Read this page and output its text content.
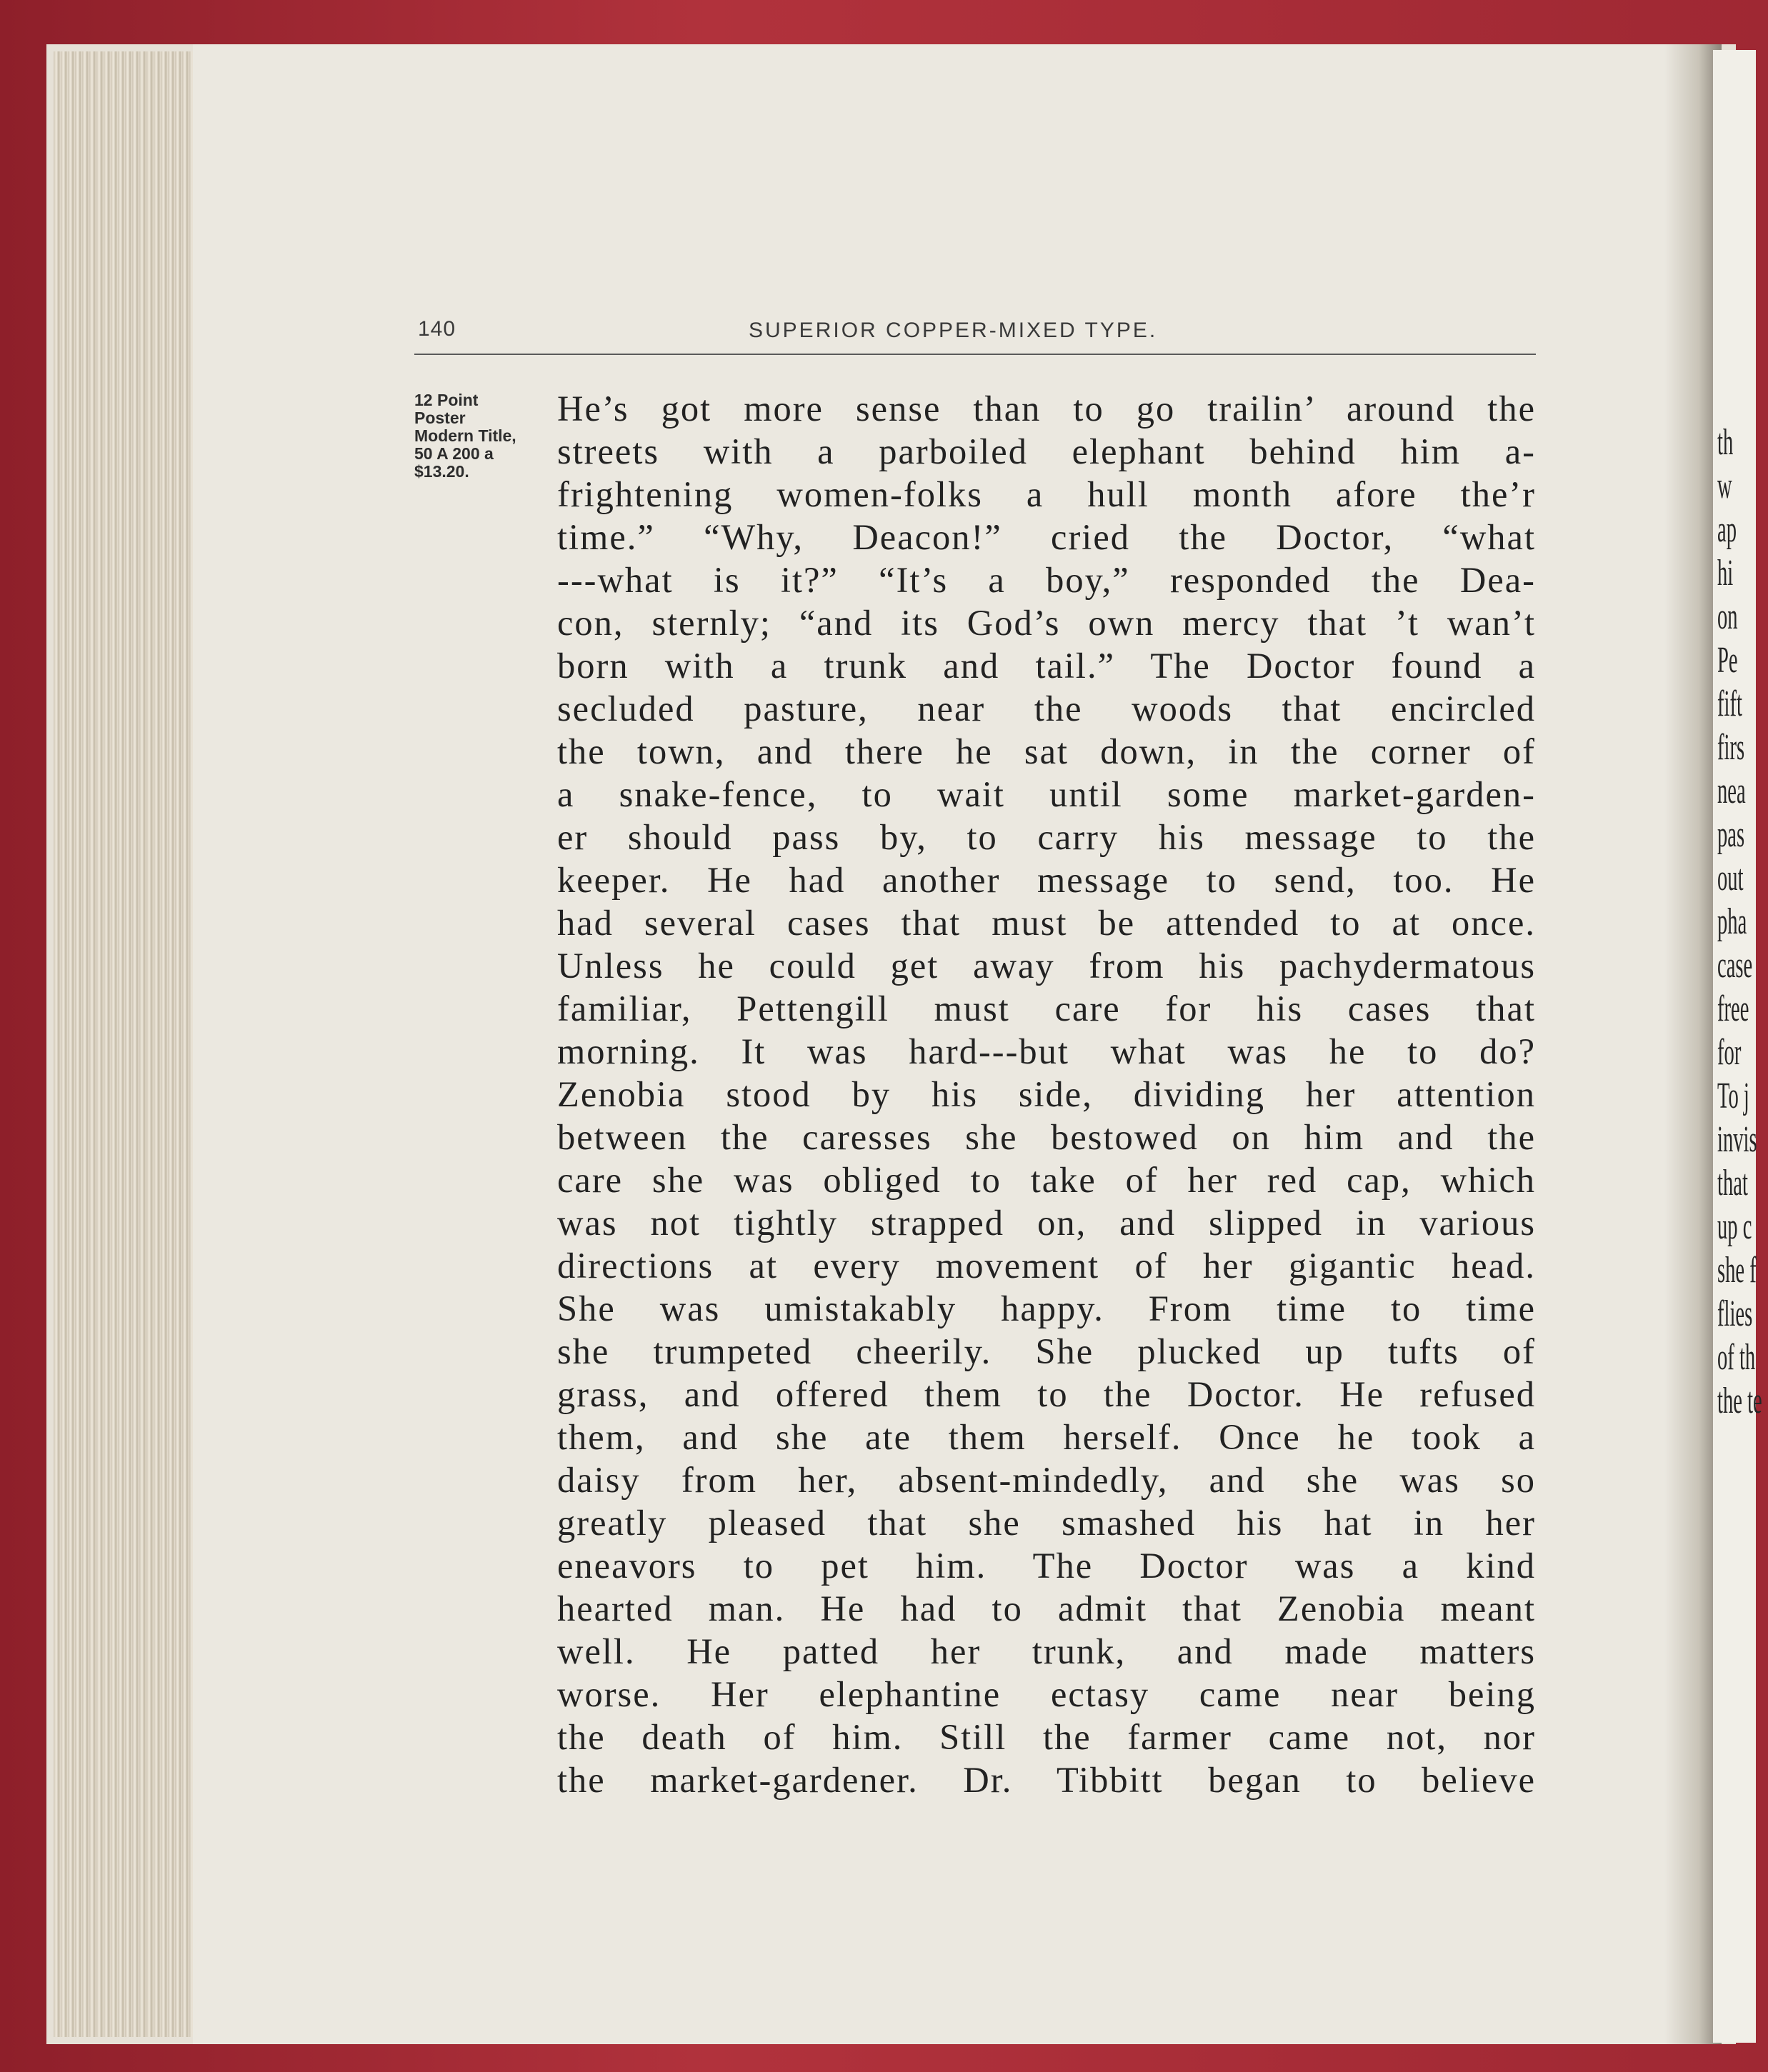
th
w
ap
hi
on
Pe
fift
firs
nea
pas
out
pha
case
free
for
To j
invis
that
up c
she f
flies
of th
the te
140	SUPERIOR COPPER-MIXED TYPE.
12 Point
Poster
Modern Title,
50 A 200 a
$13.20.
He’s got more sense than to go trailin’ around the
streets with a parboiled elephant behind him a-
frightening women-folks a hull month afore the’r
time.” “Why, Deacon!” cried the Doctor, “what
---what is it?” “It’s a boy,” responded the Dea-
con, sternly; “and its God’s own mercy that ’t wan’t
born with a trunk and tail.” The Doctor found a
secluded pasture, near the woods that encircled
the town, and there he sat down, in the corner of
a snake-fence, to wait until some market-garden-
er should pass by, to carry his message to the
keeper. He had another message to send, too. He
had several cases that must be attended to at once.
Unless he could get away from his pachydermatous
familiar, Pettengill must care for his cases that
morning. It was hard---but what was he to do?
Zenobia stood by his side, dividing her attention
between the caresses she bestowed on him and the
care she was obliged to take of her red cap, which
was not tightly strapped on, and slipped in various
directions at every movement of her gigantic head.
She was umistakably happy. From time to time
she trumpeted cheerily. She plucked up tufts of
grass, and offered them to the Doctor. He refused
them, and she ate them herself. Once he took a
daisy from her, absent-mindedly, and she was so
greatly pleased that she smashed his hat in her
eneavors to pet him. The Doctor was a kind
hearted man. He had to admit that Zenobia meant
well. He patted her trunk, and made matters
worse. Her elephantine ectasy came near being
the death of him. Still the farmer came not, nor
the market-gardener. Dr. Tibbitt began to believe
